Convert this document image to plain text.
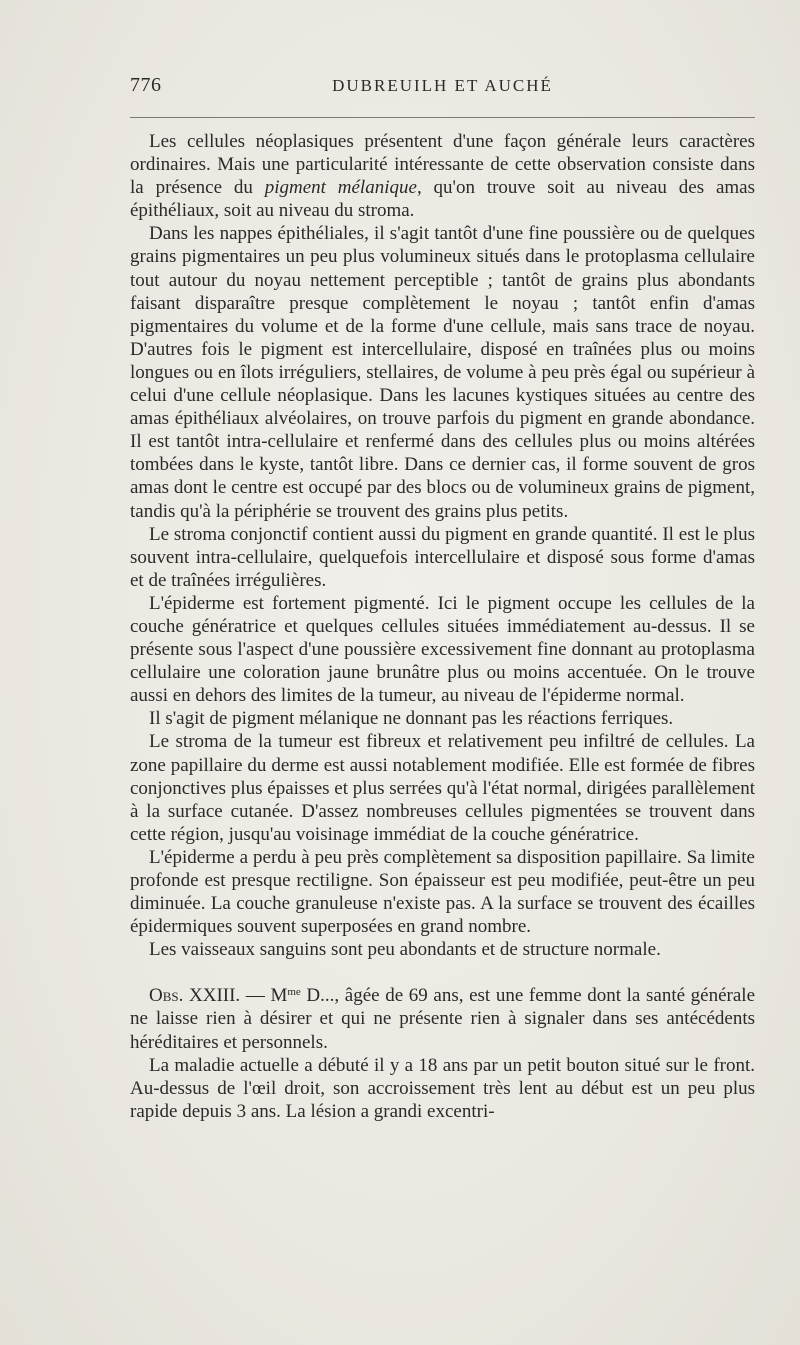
776	DUBREUILH ET AUCHÉ

Les cellules néoplasiques présentent d'une façon générale leurs caractères ordinaires. Mais une particularité intéressante de cette observation consiste dans la présence du pigment mélanique, qu'on trouve soit au niveau des amas épithéliaux, soit au niveau du stroma.

Dans les nappes épithéliales, il s'agit tantôt d'une fine poussière ou de quelques grains pigmentaires un peu plus volumineux situés dans le protoplasma cellulaire tout autour du noyau nettement perceptible ; tantôt de grains plus abondants faisant disparaître presque complètement le noyau ; tantôt enfin d'amas pigmentaires du volume et de la forme d'une cellule, mais sans trace de noyau. D'autres fois le pigment est intercellulaire, disposé en traînées plus ou moins longues ou en îlots irréguliers, stellaires, de volume à peu près égal ou supérieur à celui d'une cellule néoplasique. Dans les lacunes kystiques situées au centre des amas épithéliaux alvéolaires, on trouve parfois du pigment en grande abondance. Il est tantôt intra-cellulaire et renfermé dans des cellules plus ou moins altérées tombées dans le kyste, tantôt libre. Dans ce dernier cas, il forme souvent de gros amas dont le centre est occupé par des blocs ou de volumineux grains de pigment, tandis qu'à la périphérie se trouvent des grains plus petits.

Le stroma conjonctif contient aussi du pigment en grande quantité. Il est le plus souvent intra-cellulaire, quelquefois intercellulaire et disposé sous forme d'amas et de traînées irrégulières.

L'épiderme est fortement pigmenté. Ici le pigment occupe les cellules de la couche génératrice et quelques cellules situées immédiatement au-dessus. Il se présente sous l'aspect d'une poussière excessivement fine donnant au protoplasma cellulaire une coloration jaune brunâtre plus ou moins accentuée. On le trouve aussi en dehors des limites de la tumeur, au niveau de l'épiderme normal.

Il s'agit de pigment mélanique ne donnant pas les réactions ferriques.

Le stroma de la tumeur est fibreux et relativement peu infiltré de cellules. La zone papillaire du derme est aussi notablement modifiée. Elle est formée de fibres conjonctives plus épaisses et plus serrées qu'à l'état normal, dirigées parallèlement à la surface cutanée. D'assez nombreuses cellules pigmentées se trouvent dans cette région, jusqu'au voisinage immédiat de la couche génératrice.

L'épiderme a perdu à peu près complètement sa disposition papillaire. Sa limite profonde est presque rectiligne. Son épaisseur est peu modifiée, peut-être un peu diminuée. La couche granuleuse n'existe pas. A la surface se trouvent des écailles épidermiques souvent superposées en grand nombre.

Les vaisseaux sanguins sont peu abondants et de structure normale.

Obs. XXIII. — $M^{me}$ D..., âgée de 69 ans, est une femme dont la santé générale ne laisse rien à désirer et qui ne présente rien à signaler dans ses antécédents héréditaires et personnels.

La maladie actuelle a débuté il y a 18 ans par un petit bouton situé sur le front. Au-dessus de l'œil droit, son accroissement très lent au début est un peu plus rapide depuis 3 ans. La lésion a grandi excentri-
